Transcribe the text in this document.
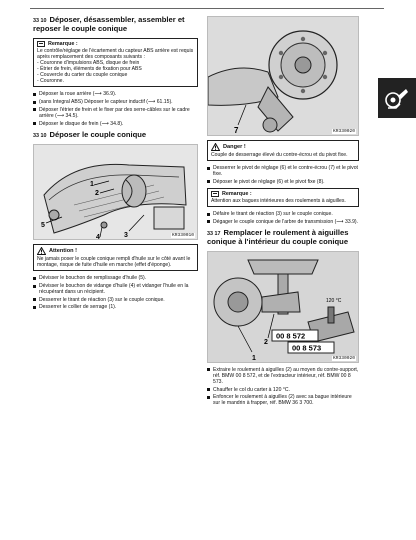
33 10 Déposer, désassembler, assembler et reposer le couple conique
Remarque :
Le contrôle/réglage de l'écartement du capteur ABS arrière est requis après remplacement des composants suivants :
- Couronne d'impulsions ABS, disque de frein
- Étrier de frein, éléments de fixation pour ABS
- Couvercle du carter du couple conique
- Couronne.
Déposer la roue arrière (⟶ 36.9).
(sans Integral ABS) Déposer le capteur inductif (⟶ 61.15).
Déposer l'étrier de frein et le fixer par des serre-câbles sur le cadre arrière (⟶ 34.5).
Déposer le disque de frein (⟶ 34.8).
33 10 Déposer le couple conique
1
2
3
4
5
KR330010
Attention !
Ne jamais poser le couple conique rempli d'huile sur le côté avant le montage, risque de fuite d'huile en marche (effet d'éponge).
Dévisser le bouchon de remplissage d'huile (5).
Dévisser le bouchon de vidange d'huile (4) et vidanger l'huile en la récupérant dans un récipient.
Desserrer le tirant de réaction (3) sur le couple conique.
Desserrer le collier de serrage (1).
7	KR330020
Danger !
Couple de desserrage élevé du contre-écrou et du pivot fixe.
Desserrer le pivot de réglage (6) et le contre-écrou (7) et le pivot fixe.
Déposer le pivot de réglage (6) et le pivot fixe (8).
Remarque :
Attention aux bagues intérieures des roulements à aiguilles.
Défaire le tirant de réaction (3) sur le couple conique.
Dégager le couple conique de l'arbre de transmission (⟶ 33.9).
33 17 Remplacer le roulement à aiguilles conique à l'intérieur du couple conique
1
2
120 °C
00 8 572
00 8 573
KR330020
Extraire le roulement à aiguilles (2) au moyen du contre-support, réf. BMW 00 8 572, et de l'extracteur intérieur, réf. BMW 00 8 573.
Chauffer le col du carter à 120 °C.
Enfoncer le roulement à aiguilles (2) avec sa bague intérieure sur le mandrin à frapper, réf. BMW 36 3 700.
